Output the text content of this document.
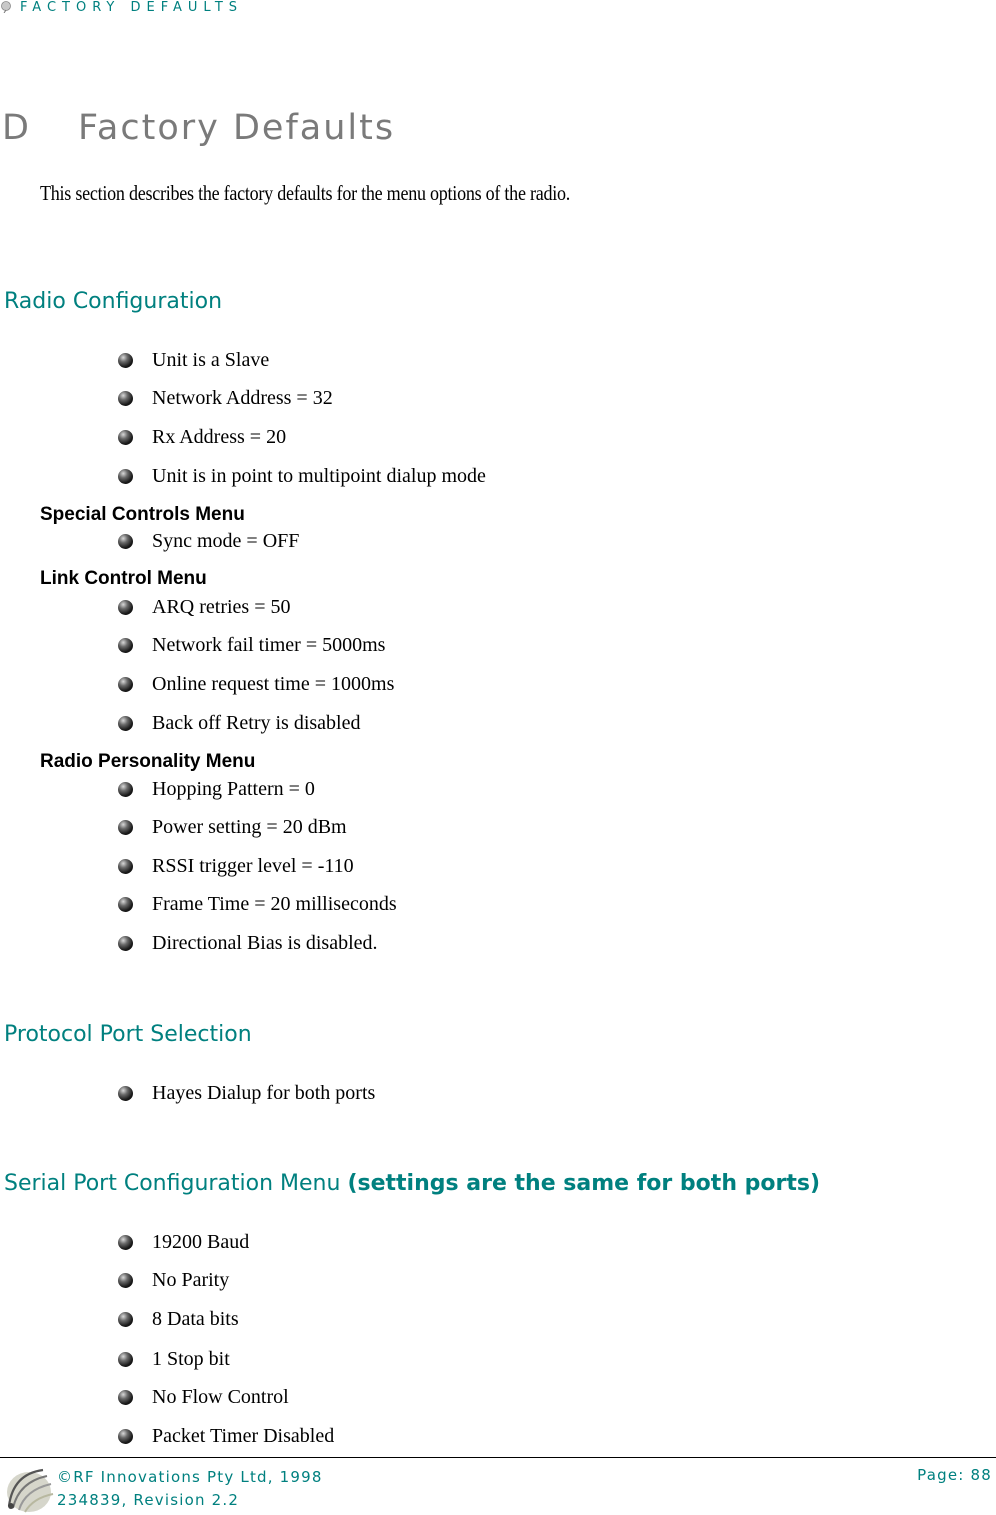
FACTORY DEFAULTS
D Factory Defaults
This section describes the factory defaults for the menu options of the radio.
Radio Configuration
Unit is a Slave
Network Address = 32
Rx Address = 20
Unit is in point to multipoint dialup mode
Special Controls Menu
Sync mode = OFF
Link Control Menu
ARQ retries = 50
Network fail timer = 5000ms
Online request time = 1000ms
Back off Retry is disabled
Radio Personality Menu
Hopping Pattern = 0
Power setting = 20 dBm
RSSI trigger level = -110
Frame Time = 20 milliseconds
Directional Bias is disabled.
Protocol Port Selection
Hayes Dialup for both ports
Serial Port Configuration Menu (settings are the same for both ports)
19200 Baud
No Parity
8 Data bits
1 Stop bit
No Flow Control
Packet Timer Disabled
©RF Innovations Pty Ltd, 1998
234839, Revision 2.2
Page: 88
